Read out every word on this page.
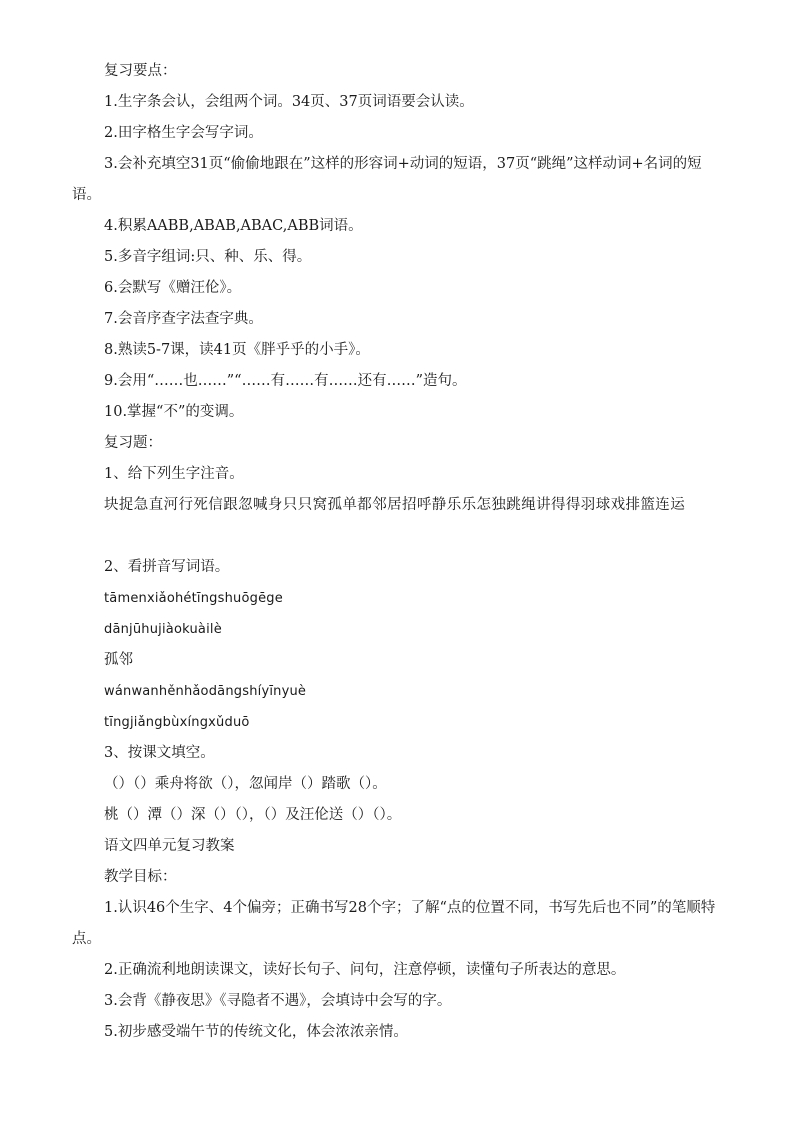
复习要点：
1.生字条会认，会组两个词。34页、37页词语要会认读。
2.田字格生字会写字词。
3.会补充填空31页“偷偷地跟在”这样的形容词+动词的短语，37页“跳绳”这样动词+名词的短语。
4.积累AABB,ABAB,ABAC,ABB词语。
5.多音字组词:只、种、乐、得。
6.会默写《赠汪伦》。
7.会音序查字法查字典。
8.熟读5-7课，读41页《胖乎乎的小手》。
9.会用“……也……”“……有……有……还有……”造句。
10.掌握“不”的变调。
复习题：
1、给下列生字注音。
块捉急直河行死信跟忽喊身只只窝孤单都邻居招呼静乐乐怎独跳绳讲得得羽球戏排篮连运
2、看拼音写词语。
tāmenxiǎohétīngshuōgēge
dānjūhujiàokuàilè
孤邻
wánwanhěnhǎodāngshíyīnyuè
tīngjiǎngbùxíngxǔduō
3、按课文填空。
（）（）乘舟将欲（），忽闻岸（）踏歌（）。
桃（）潭（）深（）（），（）及汪伦送（）（）。
语文四单元复习教案
教学目标：
1.认识46个生字、4个偏旁；正确书写28个字；了解“点的位置不同，书写先后也不同”的笔顺特点。
2.正确流利地朗读课文，读好长句子、问句，注意停顿，读懂句子所表达的意思。
3.会背《静夜思》《寻隐者不遇》，会填诗中会写的字。
5.初步感受端午节的传统文化，体会浓浓亲情。
